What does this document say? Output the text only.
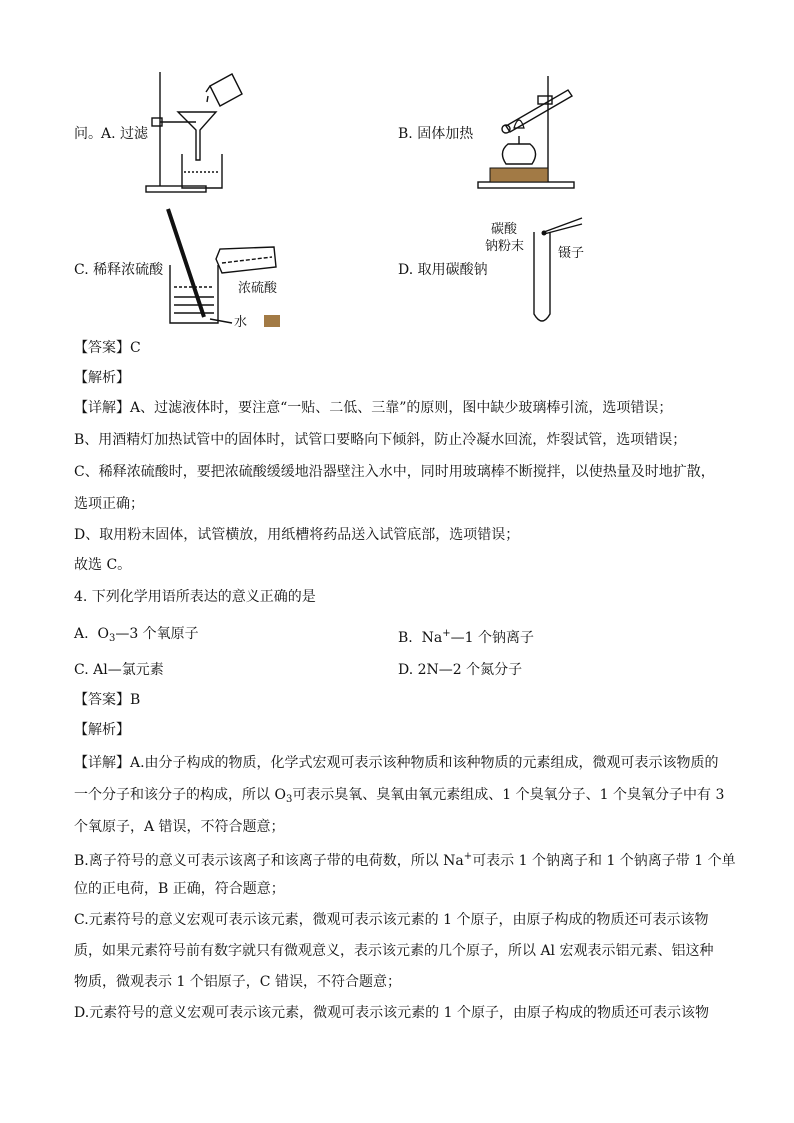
问。 A. 过滤	B. 固体加热
浓硫酸
水
C. 稀释浓硫酸
碳酸
钠粉末	镊子
D. 取用碳酸钠
【答案】C
【解析】
【详解】A、过滤液体时，要注意“一贴、二低、三靠”的原则，图中缺少玻璃棒引流，选项错误；
B、用酒精灯加热试管中的固体时，试管口要略向下倾斜，防止冷凝水回流，炸裂试管，选项错误；
C、稀释浓硫酸时，要把浓硫酸缓缓地沿器壁注入水中，同时用玻璃棒不断搅拌，以使热量及时地扩散，
选项正确；
D、取用粉末固体，试管横放，用纸槽将药品送入试管底部，选项错误；
故选 C。
4. 下列化学用语所表达的意义正确的是
A. $O_3—3$ 个氧原子	B. Na+—1 个钠离子
C. Al—氯元素	D. 2N—2 个氮分子
【答案】B
【解析】
【详解】A.由分子构成的物质，化学式宏观可表示该种物质和该种物质的元素组成，微观可表示该物质的
一个分子和该分子的构成，所以 $O_3$可表示臭氧、臭氧由氧元素组成、1 个臭氧分子、1 个臭氧分子中有 3
个氧原子，A 错误，不符合题意；
B.离子符号的意义可表示该离子和该离子带的电荷数，所以 Na+可表示 1 个钠离子和 1 个钠离子带 1 个单
位的正电荷，B 正确，符合题意；
C.元素符号的意义宏观可表示该元素，微观可表示该元素的 1 个原子，由原子构成的物质还可表示该物
质，如果元素符号前有数字就只有微观意义，表示该元素的几个原子，所以 Al 宏观表示铝元素、铝这种
物质，微观表示 1 个铝原子，C 错误，不符合题意；
D.元素符号的意义宏观可表示该元素，微观可表示该元素的 1 个原子，由原子构成的物质还可表示该物
